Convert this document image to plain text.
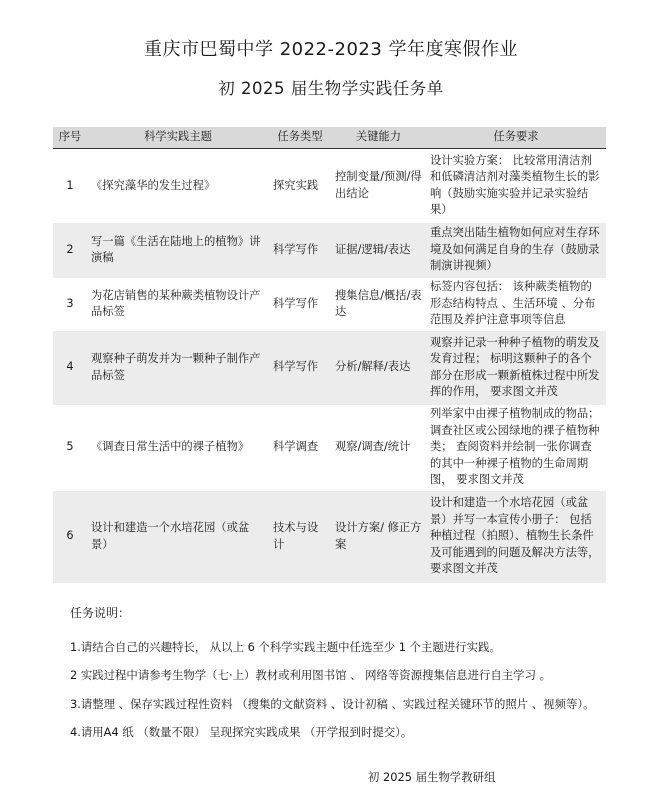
重庆市巴蜀中学 2022-2023 学年度寒假作业
初 2025 届生物学实践任务单
序号	科学实践主题	任务类型	关键能力	任务要求
1	《探究藻华的发生过程》	探究实践	控制变量/预测/得出结论	设计实验方案： 比较常用清洁剂和低磷清洁剂对藻类植物生长的影响（鼓励实施实验并记录实验结果）
2	写一篇《生活在陆地上的植物》讲演稿	科学写作	证据/逻辑/表达	重点突出陆生植物如何应对生存环境及如何满足自身的生存（鼓励录制演讲视频）
3	为花店销售的某种蕨类植物设计产品标签	科学写作	搜集信息/概括/表达	标签内容包括： 该种蕨类植物的形态结构特点 、生活环境 、分布范围及养护注意事项等信息
4	观察种子萌发并为一颗种子制作产品标签	科学写作	分析/解释/表达	观察并记录一种种子植物的萌发及发育过程； 标明这颗种子的各个部分在形成一颗新植株过程中所发挥的作用， 要求图文并茂
5	《调查日常生活中的裸子植物》	科学调查	观察/调查/统计	列举家中由裸子植物制成的物品； 调查社区或公园绿地的裸子植物种类； 查阅资料并绘制一张你调查的其中一种裸子植物的生命周期图， 要求图文并茂
6	设计和建造一个水培花园（或盆景）	技术与设计	设计方案/ 修正方案	设计和建造一个水培花园（或盆景）并写一本宣传小册子： 包括种植过程（拍照）、植物生长条件及可能遇到的问题及解决方法等， 要求图文并茂
任务说明：
1.请结合自己的兴趣特长， 从以上 6 个科学实践主题中任选至少 1 个主题进行实践。
2 实践过程中请参考生物学（七·上）教材或利用图书馆 、 网络等资源搜集信息进行自主学习 。
3.请整理 、保存实践过程性资料 （搜集的文献资料 、设计初稿 、实践过程关键环节的照片 、视频等）。
4.请用A4 纸 （数量不限） 呈现探究实践成果 （开学报到时提交）。
初 2025 届生物学教研组
